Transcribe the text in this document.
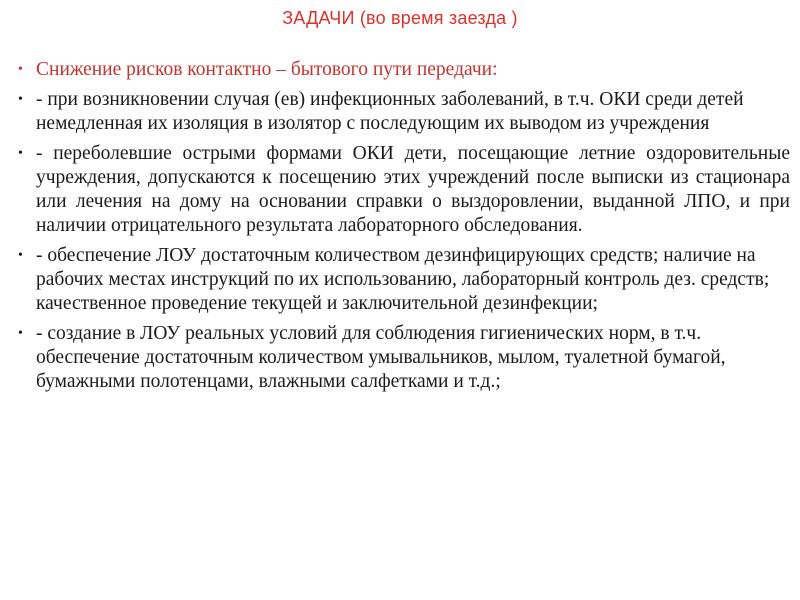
ЗАДАЧИ (во время заезда )
• Снижение рисков контактно – бытового пути передачи:
• - при возникновении случая (ев) инфекционных заболеваний, в т.ч. ОКИ среди детей немедленная их изоляция в изолятор с последующим их выводом из учреждения
• - переболевшие острыми формами ОКИ дети, посещающие летние оздоровительные учреждения, допускаются к посещению этих учреждений после выписки из стационара или лечения на дому на основании справки о выздоровлении, выданной ЛПО, и при наличии отрицательного результата лабораторного обследования.
• - обеспечение ЛОУ достаточным количеством дезинфицирующих средств; наличие на рабочих местах инструкций по их использованию, лабораторный контроль дез. средств; качественное проведение текущей и заключительной дезинфекции;
• - создание в ЛОУ реальных условий для соблюдения гигиенических норм, в т.ч. обеспечение достаточным количеством умывальников, мылом, туалетной бумагой, бумажными полотенцами, влажными салфетками и т.д.;
